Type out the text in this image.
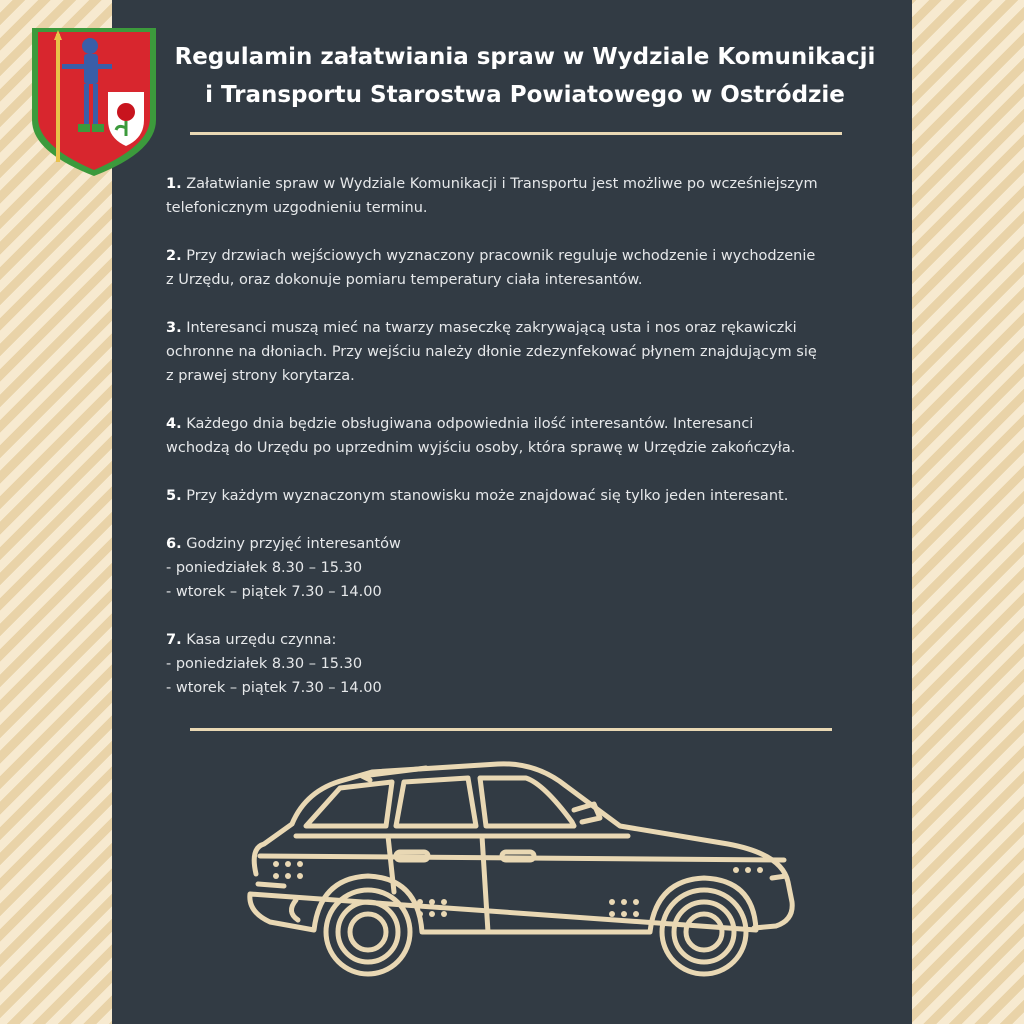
Regulamin załatwiania spraw w Wydziale Komunikacji
i Transportu Starostwa Powiatowego w Ostródzie

1. Załatwianie spraw w Wydziale Komunikacji i Transportu jest możliwe po wcześniejszym
telefonicznym uzgodnieniu terminu.

2. Przy drzwiach wejściowych wyznaczony pracownik reguluje wchodzenie i wychodzenie
z Urzędu, oraz dokonuje pomiaru temperatury ciała interesantów.

3. Interesanci muszą mieć na twarzy maseczkę zakrywającą usta i nos oraz rękawiczki
ochronne na dłoniach. Przy wejściu należy dłonie zdezynfekować płynem znajdującym się
z prawej strony korytarza.

4. Każdego dnia będzie obsługiwana odpowiednia ilość interesantów. Interesanci
wchodzą do Urzędu po uprzednim wyjściu osoby, która sprawę w Urzędzie zakończyła.

5. Przy każdym wyznaczonym stanowisku może znajdować się tylko jeden interesant.

6. Godziny przyjęć interesantów
- poniedziałek 8.30 – 15.30
- wtorek – piątek 7.30 – 14.00

7. Kasa urzędu czynna:
- poniedziałek 8.30 – 15.30
- wtorek – piątek 7.30 – 14.00
